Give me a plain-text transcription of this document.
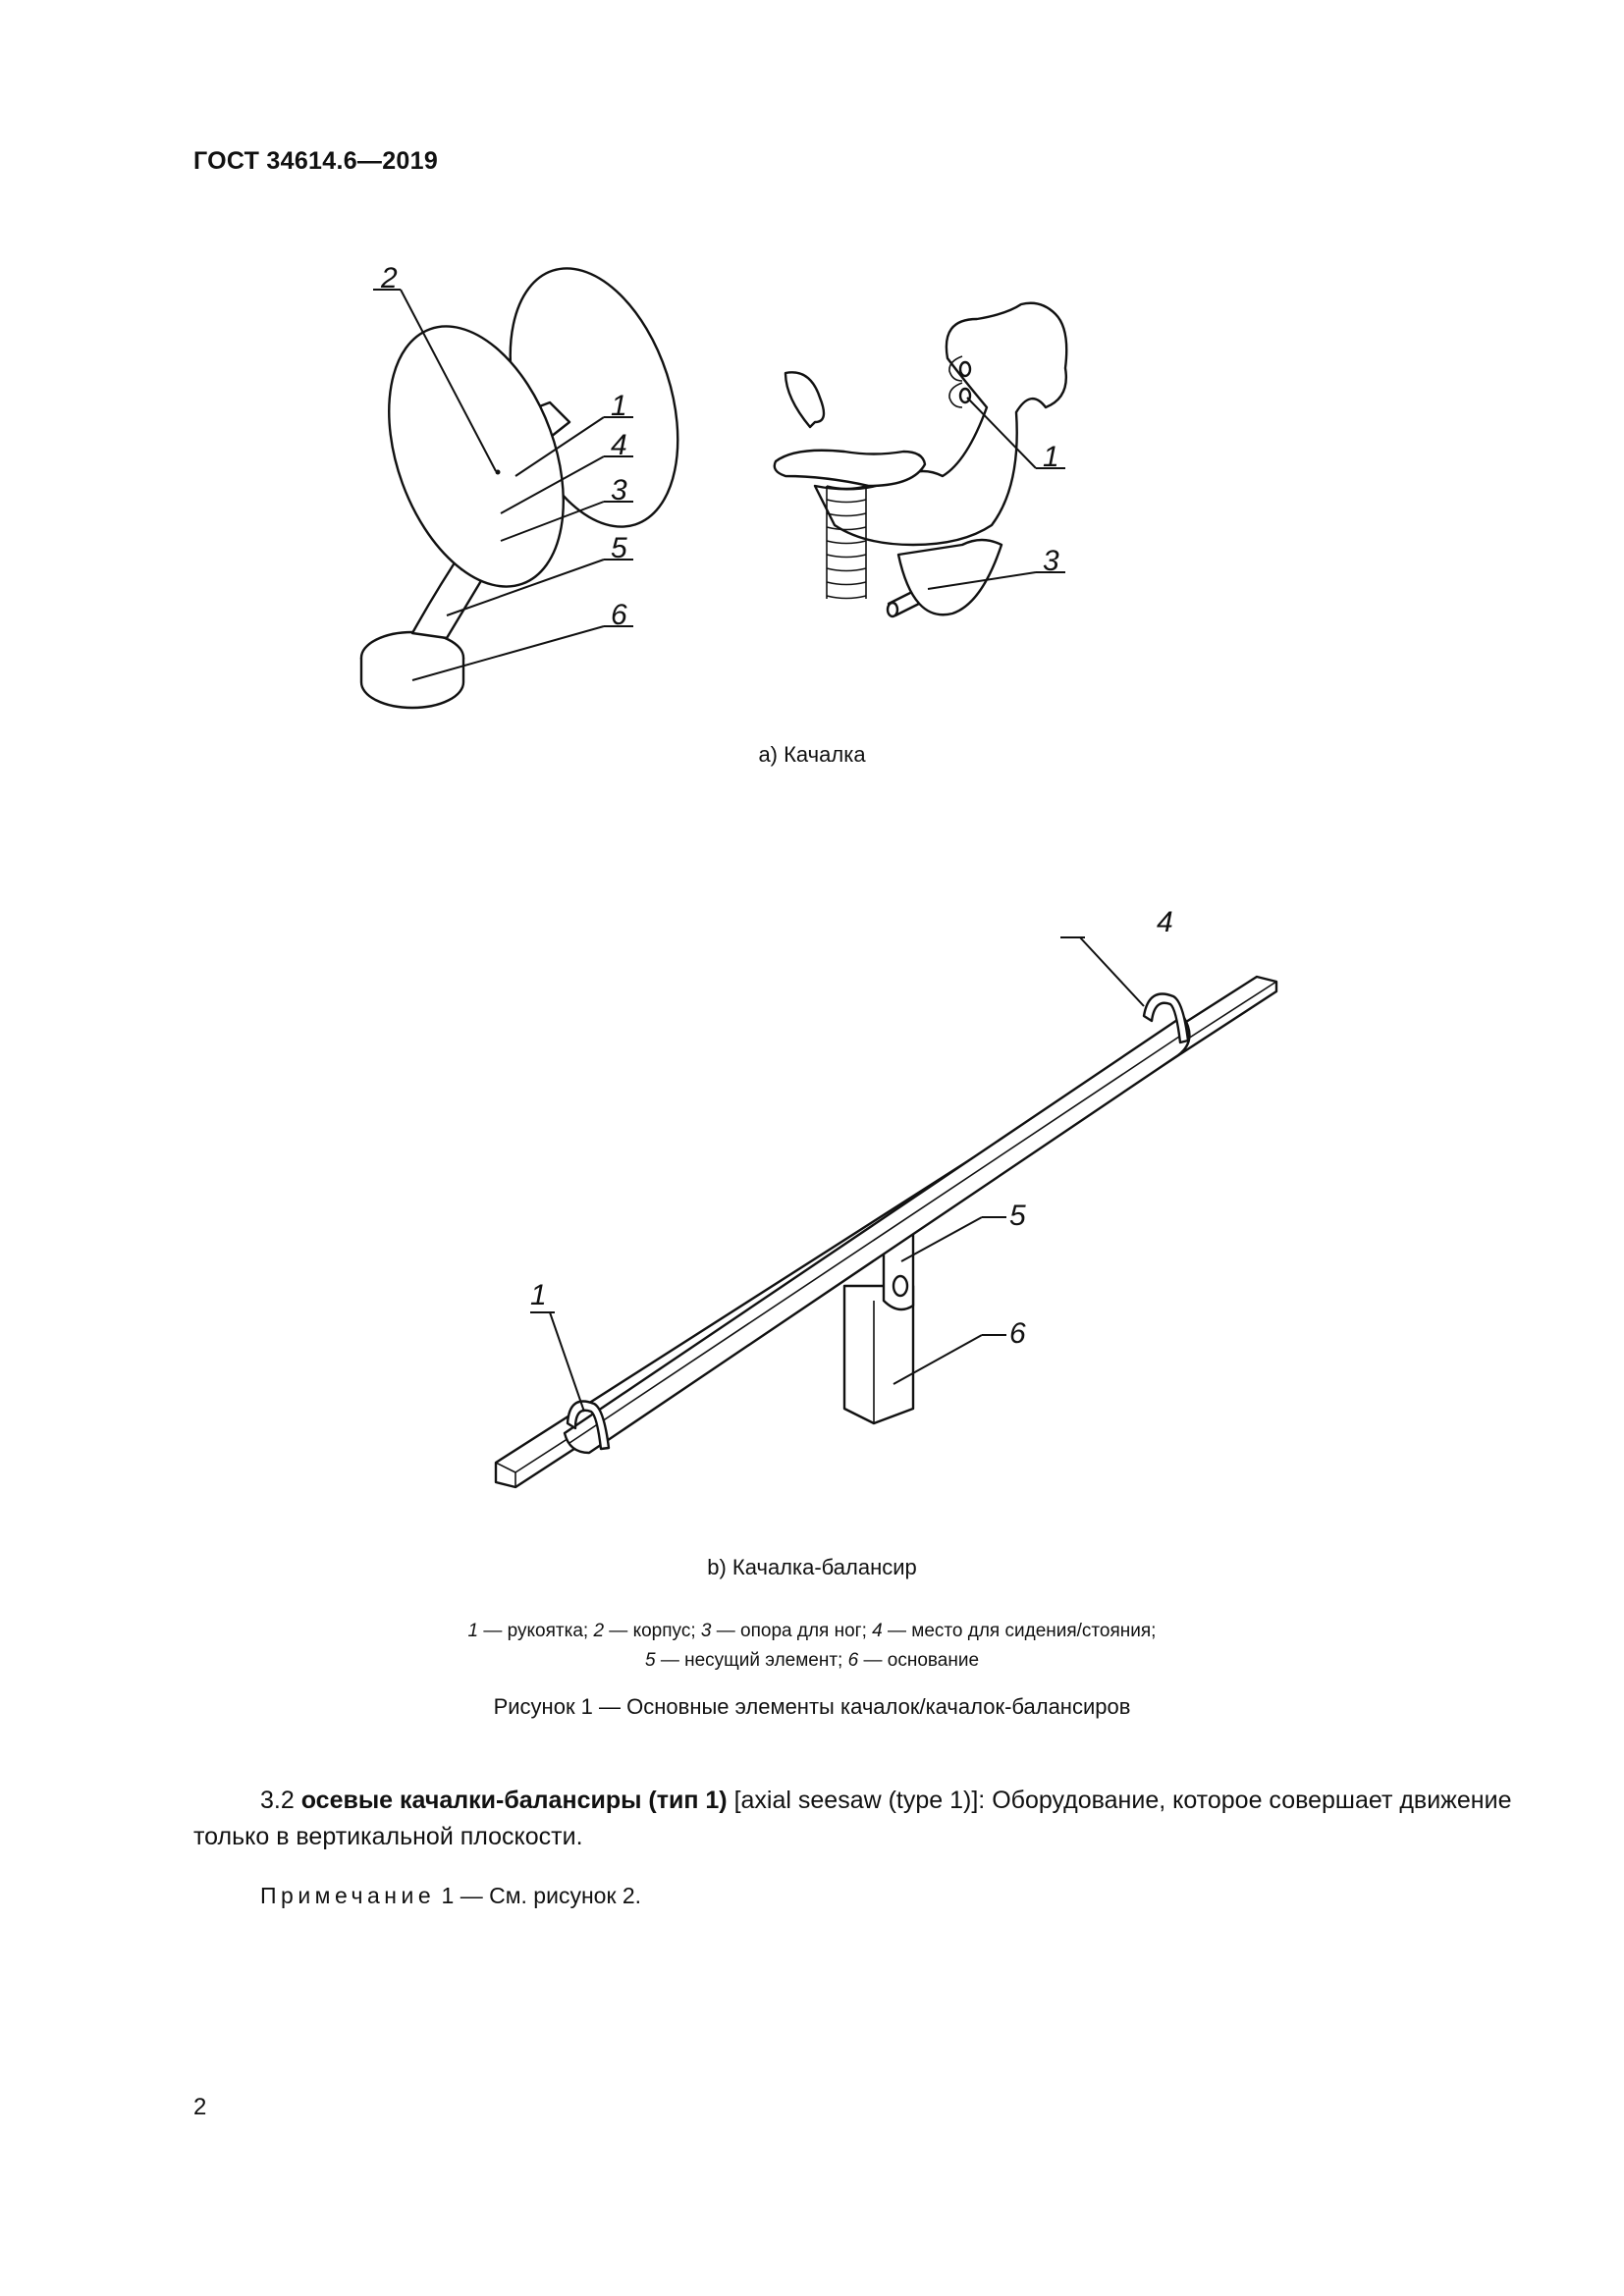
ГОСТ 34614.6—2019
2
1
4
3
5
6
1
3
a) Качалка
4
5
1
6
b) Качалка-балансир
1 — рукоятка; 2 — корпус; 3 — опора для ног; 4 — место для сидения/стояния;
5 — несущий элемент; 6 — основание
Рисунок 1 — Основные элементы качалок/качалок-балансиров
3.2 осевые качалки-балансиры (тип 1) [axial seesaw (type 1)]: Оборудование, которое совершает движение только в вертикальной плоскости.
Примечание 1 — См. рисунок 2.
2
